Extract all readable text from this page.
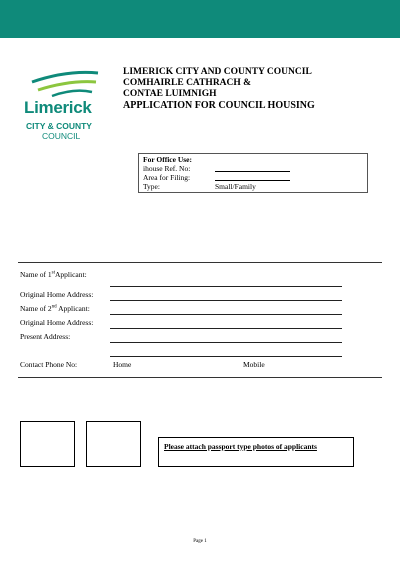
Limerick
CITY & COUNTY
COUNCIL
LIMERICK CITY AND COUNTY COUNCIL
COMHAIRLE CATHRACH &
CONTAE LUIMNIGH
APPLICATION FOR COUNCIL HOUSING
For Office Use:
ihouse Ref. No:
Area for Filing:
Type:	Small/Family
Name of 1stApplicant:
Original Home Address:
Name of 2nd Applicant:
Original Home Address:
Present Address:
Contact Phone No:	Home	Mobile
Please attach passport type photos of applicants
Page 1
